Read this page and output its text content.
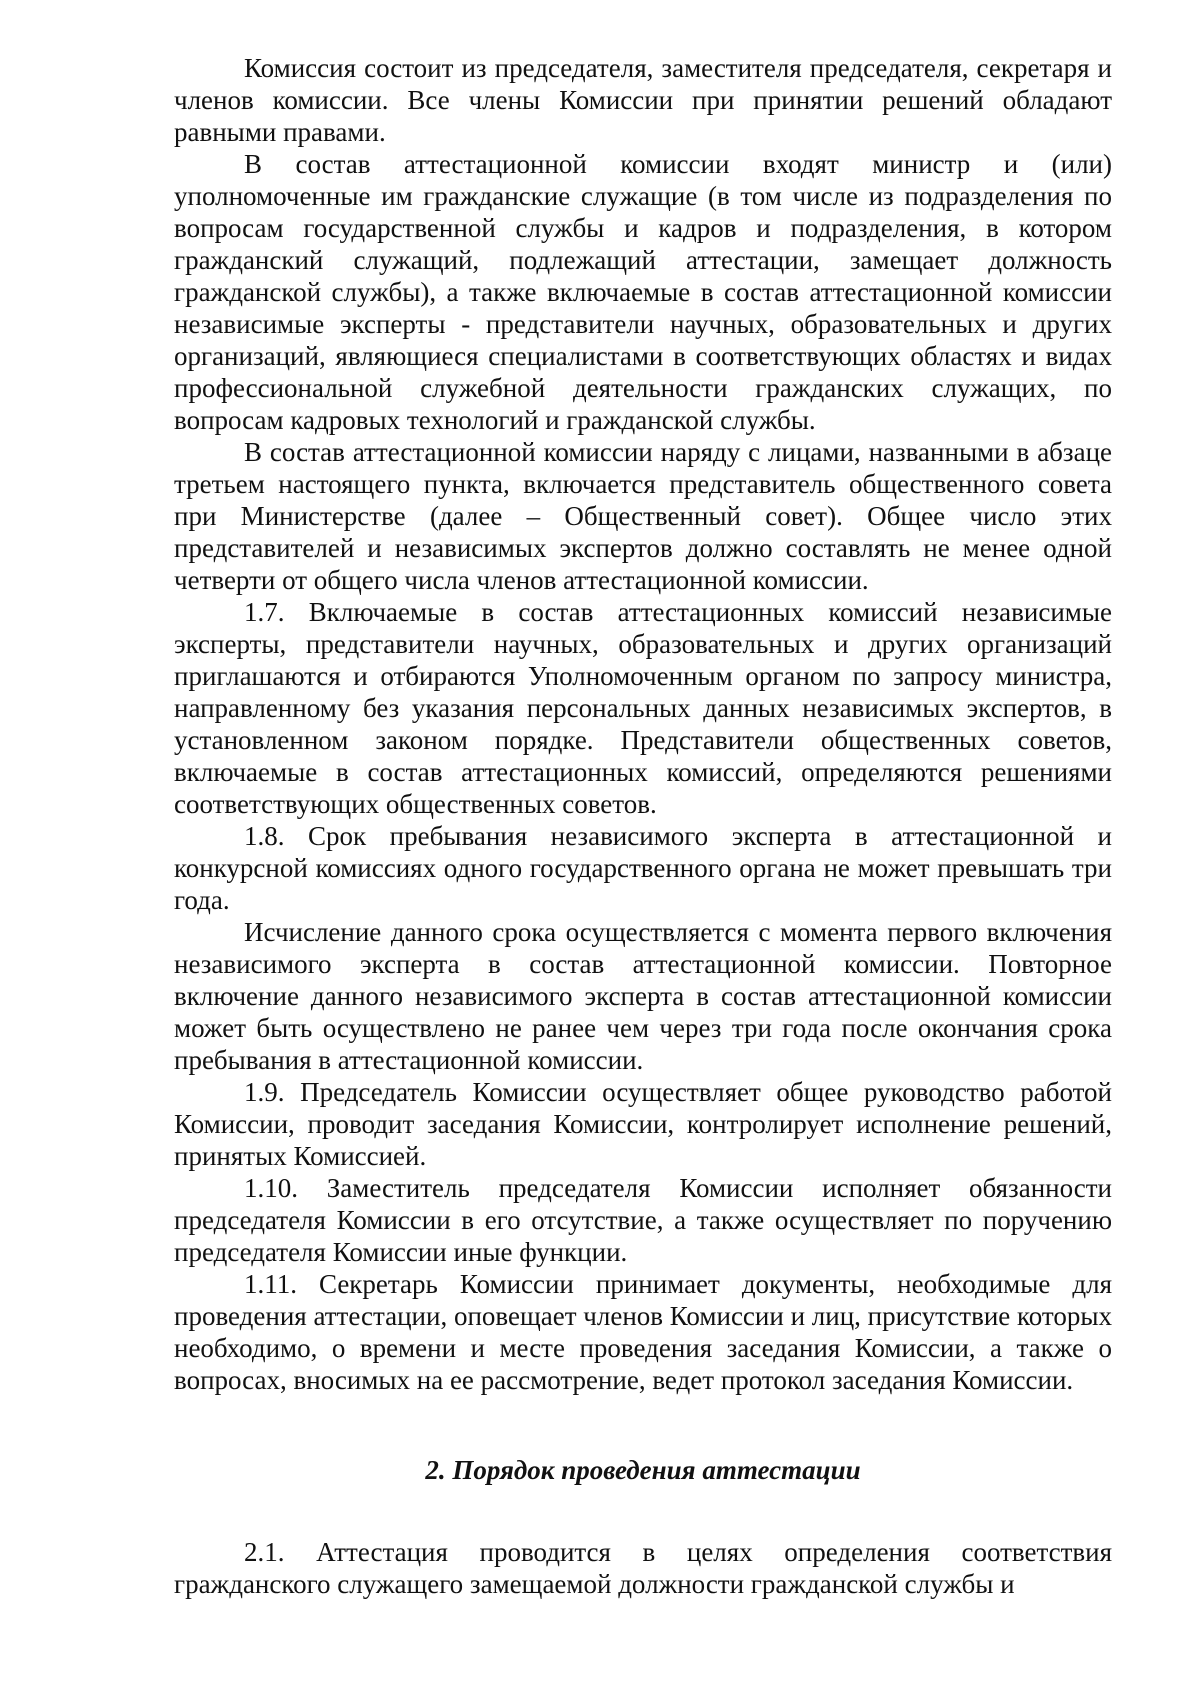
Комиссия состоит из председателя, заместителя председателя, секретаря и членов комиссии. Все члены Комиссии при принятии решений обладают равными правами.

В состав аттестационной комиссии входят министр и (или) уполномоченные им гражданские служащие (в том числе из подразделения по вопросам государственной службы и кадров и подразделения, в котором гражданский служащий, подлежащий аттестации, замещает должность гражданской службы), а также включаемые в состав аттестационной комиссии независимые эксперты - представители научных, образовательных и других организаций, являющиеся специалистами в соответствующих областях и видах профессиональной служебной деятельности гражданских служащих, по вопросам кадровых технологий и гражданской службы.

В состав аттестационной комиссии наряду с лицами, названными в абзаце третьем настоящего пункта, включается представитель общественного совета при Министерстве (далее – Общественный совет). Общее число этих представителей и независимых экспертов должно составлять не менее одной четверти от общего числа членов аттестационной комиссии.

1.7. Включаемые в состав аттестационных комиссий независимые эксперты, представители научных, образовательных и других организаций приглашаются и отбираются Уполномоченным органом по запросу министра, направленному без указания персональных данных независимых экспертов, в установленном законом порядке. Представители общественных советов, включаемые в состав аттестационных комиссий, определяются решениями соответствующих общественных советов.

1.8. Срок пребывания независимого эксперта в аттестационной и конкурсной комиссиях одного государственного органа не может превышать три года.

Исчисление данного срока осуществляется с момента первого включения независимого эксперта в состав аттестационной комиссии. Повторное включение данного независимого эксперта в состав аттестационной комиссии может быть осуществлено не ранее чем через три года после окончания срока пребывания в аттестационной комиссии.

1.9. Председатель Комиссии осуществляет общее руководство работой Комиссии, проводит заседания Комиссии, контролирует исполнение решений, принятых Комиссией.

1.10. Заместитель председателя Комиссии исполняет обязанности председателя Комиссии в его отсутствие, а также осуществляет по поручению председателя Комиссии иные функции.

1.11. Секретарь Комиссии принимает документы, необходимые для проведения аттестации, оповещает членов Комиссии и лиц, присутствие которых необходимо, о времени и месте проведения заседания Комиссии, а также о вопросах, вносимых на ее рассмотрение, ведет протокол заседания Комиссии.

2. Порядок проведения аттестации

2.1. Аттестация проводится в целях определения соответствия гражданского служащего замещаемой должности гражданской службы и
